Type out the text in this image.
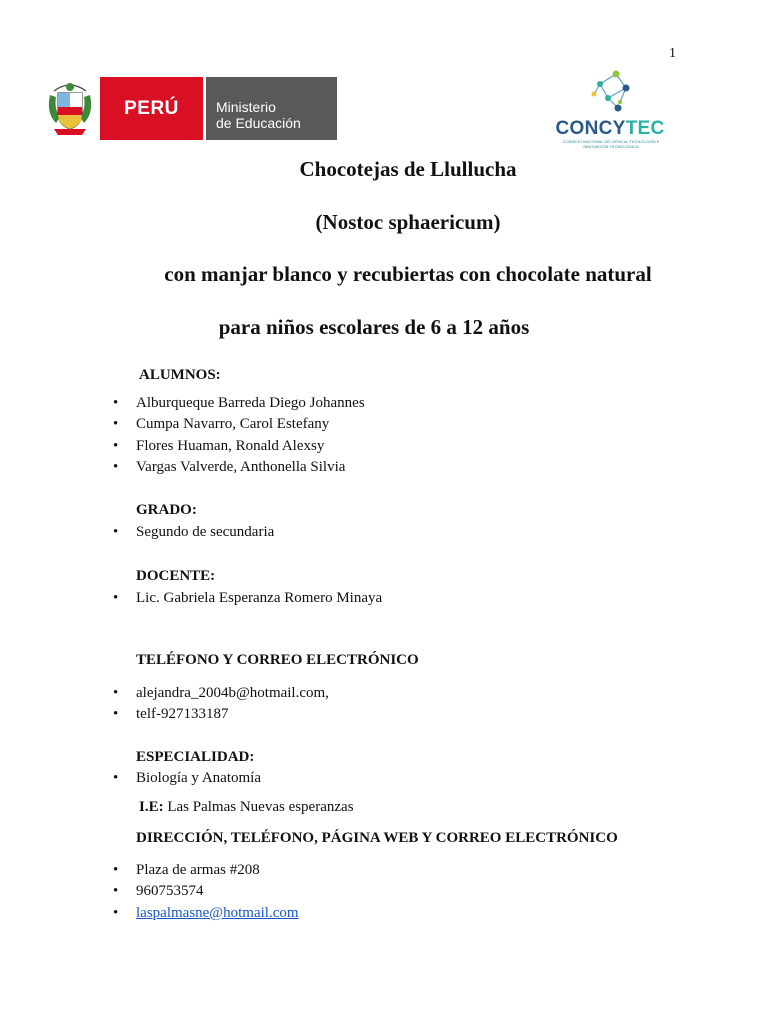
1
PERÚ	Ministerio
de Educación	CONCYTEC
CONSEJO NACIONAL DE CIENCIA, TECNOLOGÍA E INNOVACIÓN TECNOLÓGICA
Chocotejas de Llullucha
(Nostoc sphaericum)
con manjar blanco y recubiertas con chocolate natural
para niños escolares de 6 a 12 años
ALUMNOS:
• Alburqueque Barreda Diego Johannes
• Cumpa Navarro, Carol Estefany
• Flores Huaman, Ronald Alexsy
• Vargas Valverde, Anthonella Silvia
GRADO:
• Segundo de secundaria
DOCENTE:
• Lic. Gabriela Esperanza Romero Minaya
TELÉFONO Y CORREO ELECTRÓNICO
• alejandra_2004b@hotmail.com,
• telf-927133187
ESPECIALIDAD:
• Biología y Anatomía
I.E: Las Palmas Nuevas esperanzas
DIRECCIÓN, TELÉFONO, PÁGINA WEB Y CORREO ELECTRÓNICO
• Plaza de armas #208
• 960753574
• laspalmasne@hotmail.com
